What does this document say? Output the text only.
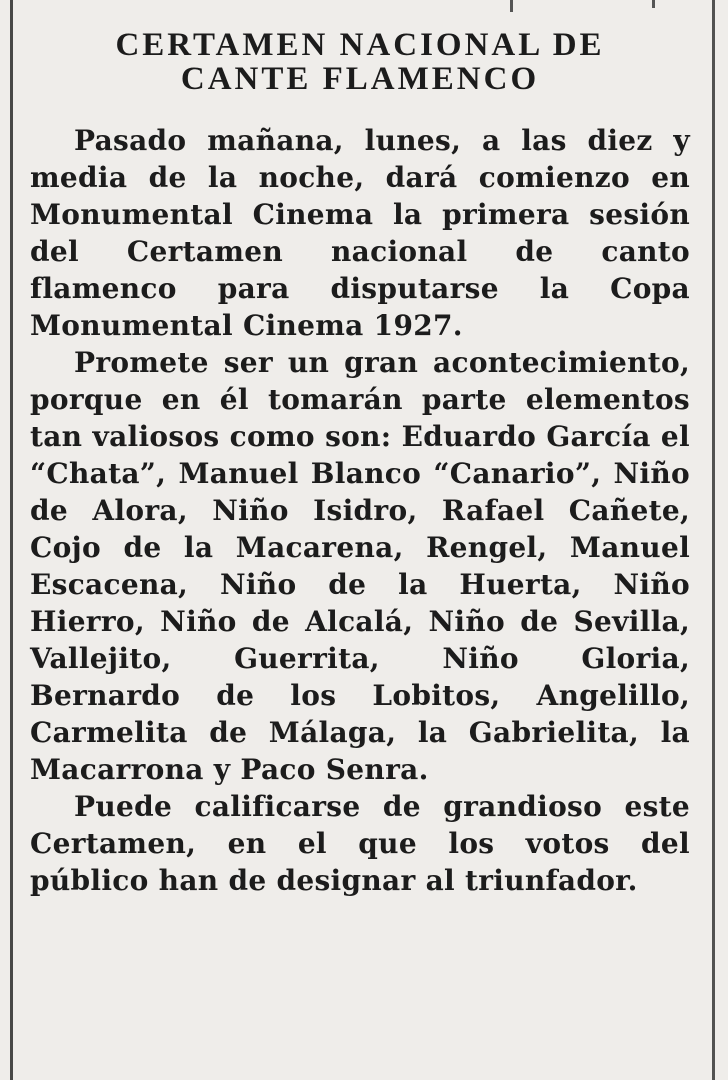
CERTAMEN NACIONAL DE
CANTE FLAMENCO

Pasado mañana, lunes, a las diez y media de la noche, dará comienzo en Monumental Cinema la primera sesión del Certamen nacional de canto flamenco para disputarse la Copa Monumental Cinema 1927.

Promete ser un gran acontecimiento, porque en él tomarán parte elementos tan valiosos como son: Eduardo García el “Chata”, Manuel Blanco “Canario”, Niño de Alora, Niño Isidro, Rafael Cañete, Cojo de la Macarena, Rengel, Manuel Escacena, Niño de la Huerta, Niño Hierro, Niño de Alcalá, Niño de Sevilla, Vallejito, Guerrita, Niño Gloria, Bernardo de los Lobitos, Angelillo, Carmelita de Málaga, la Gabrielita, la Macarrona y Paco Senra.

Puede calificarse de grandioso este Certamen, en el que los votos del público han de designar al triunfador.
